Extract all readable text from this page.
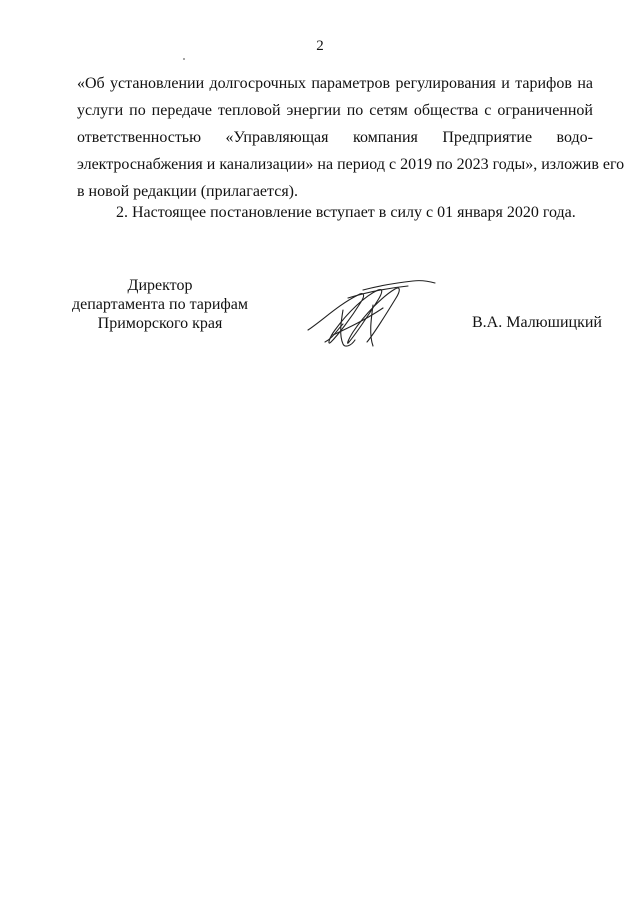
2
«Об установлении долгосрочных параметров регулирования и тарифов на
услуги по передаче тепловой энергии по сетям общества с ограниченной
ответственностью «Управляющая компания Предприятие водо-
электроснабжения и канализации» на период с 2019 по 2023 годы», изложив его
в новой редакции (прилагается).
2. Настоящее постановление вступает в силу с 01 января 2020 года.
Директор
департамента по тарифам
Приморского края	В.А. Малюшицкий
